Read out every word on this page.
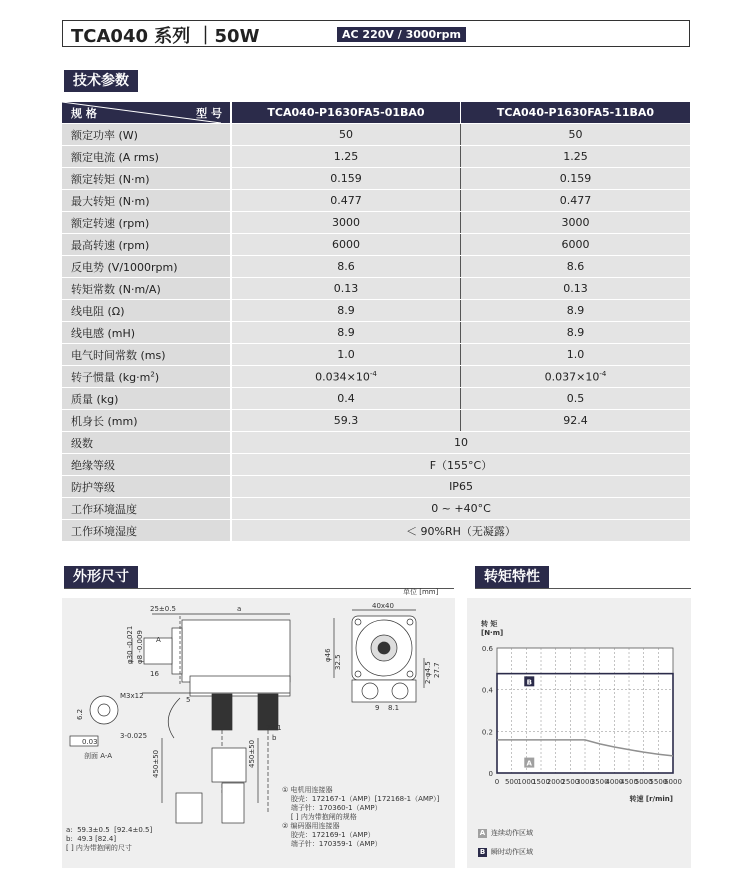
TCA040 系列 ｜50W	AC 220V / 3000rpm
技术参数
规 格 型 号	TCA040-P1630FA5-01BA0	TCA040-P1630FA5-11BA0
额定功率 (W)	50	50
额定电流 (A rms)	1.25	1.25
额定转矩 (N·m)	0.159	0.159
最大转矩 (N·m)	0.477	0.477
额定转速 (rpm)	3000	3000
最高转速 (rpm)	6000	6000
反电势 (V/1000rpm)	8.6	8.6
转矩常数 (N·m/A)	0.13	0.13
线电阻 (Ω)	8.9	8.9
线电感 (mH)	8.9	8.9
电气时间常数 (ms)	1.0	1.0
转子惯量 $(kg\cdot m^2)$	$0.034\times 10^{-4}$	$0.037\times 10^{-4}$
质量 (kg)	0.4	0.5
机身长 (mm)	59.3	92.4
级数	10	
绝缘等级	F（155°C）	
防护等级	IP65	
工作环境温度	0 ~ +40°C	
工作环境湿度	＜ 90%RH（无凝露）	
外形尺寸
单位 [mm]
25±0.5	a	40x40
A
16
M3x12	5
25.1
b
φ46 32.5	2-φ4.5 27.7
9 8.1
φ30 -0.021 φ8 -0.009
6.2
3-0.025
0.03
剖面 A-A	450±50	450±50
① 电机用连接器
胶壳：172167-1（AMP）[172168-1（AMP）]
端子针：170360-1（AMP）
[ ] 内为带抱闸的规格
② 编码器用连接器
胶壳：172169-1（AMP）
端子针：170359-1（AMP）
a:  59.3±0.5  [92.4±0.5]
b:  49.3 [82.4]
[ ] 内为带抱闸的尺寸
转矩特性
0 500 1000
1500
2000
2500
3000
3500
4000
4500
5000
5500
6000
0
0.2
0.4
0.6
B
A
转 矩
[N·m]
转速 [r/min]
A 连续动作区域
B 瞬时动作区域
